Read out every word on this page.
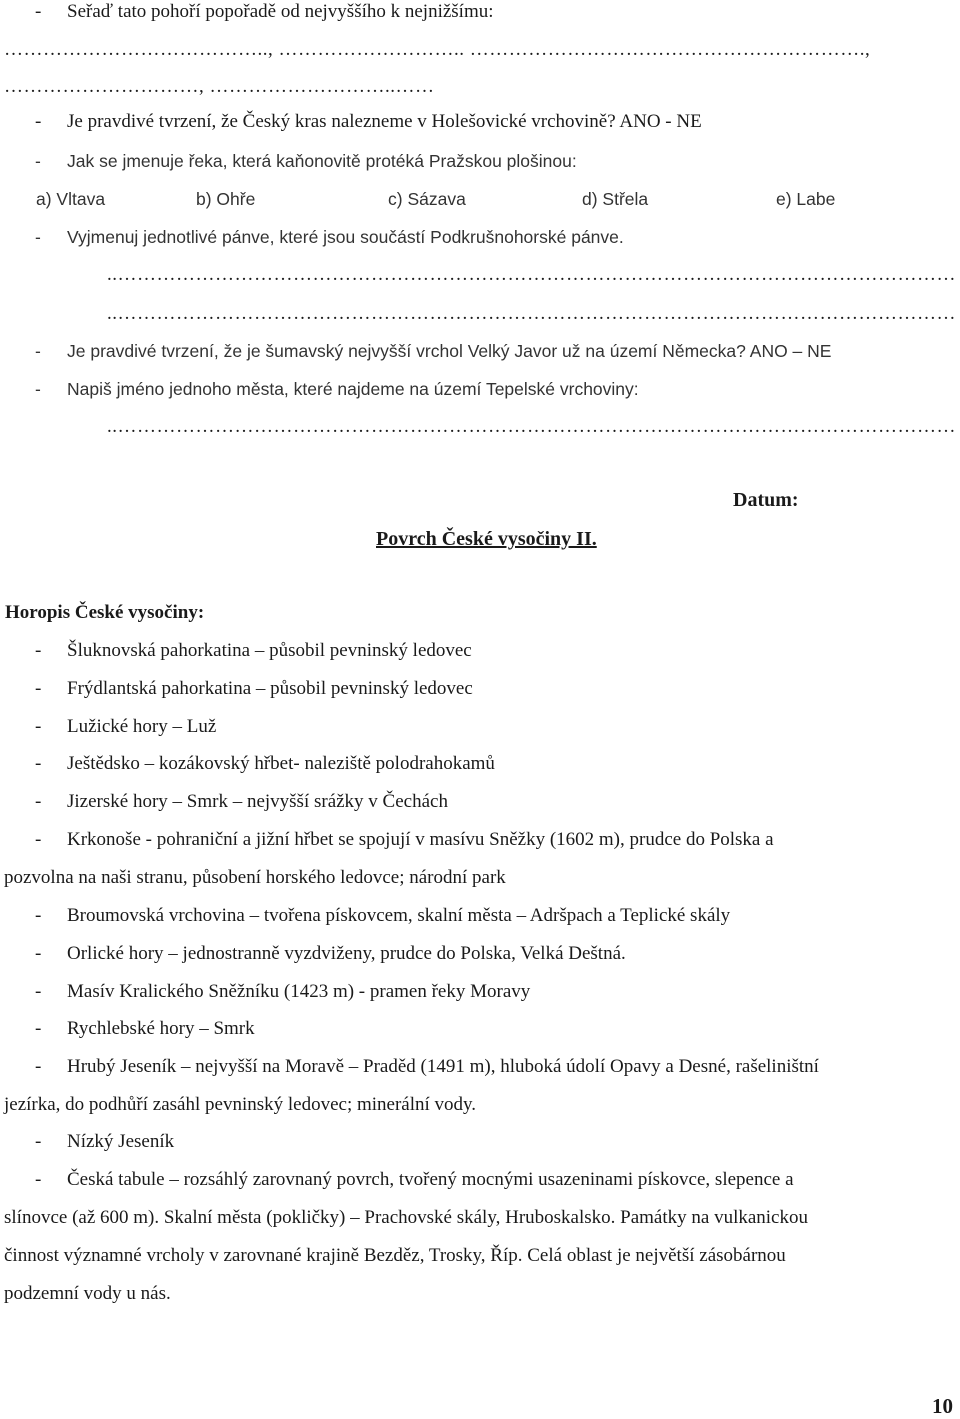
- Seřaď tato pohoří popořadě od nejvyššího k nejnižšímu:
………………………………….., ……………………….. …………………………………………………….,
…………………………, ………………………..……
- Je pravdivé tvrzení, že Český kras nalezneme v Holešovické vrchovině? ANO - NE
- Jak se jmenuje řeka, která kaňonovitě protéká Pražskou plošinou:
a) Vltava	b) Ohře	c) Sázava	d) Střela	e) Labe
- Vyjmenuj jednotlivé pánve, které jsou součástí Podkrušnohorské pánve.
…………………………………………………………………………………………………………………..
…………………………………………………………………………………………………………………..
- Je pravdivé tvrzení, že je šumavský nejvyšší vrchol Velký Javor už na území Německa? ANO – NE
- Napiš jméno jednoho města, které najdeme na území Tepelské vrchoviny:
…………………………………………………………………………………………………………………..
Datum:
Povrch České vysočiny II.
Horopis České vysočiny:
- Šluknovská pahorkatina – působil pevninský ledovec
- Frýdlantská pahorkatina – působil pevninský ledovec
- Lužické hory – Luž
- Ještědsko – kozákovský hřbet- naleziště polodrahokamů
- Jizerské hory – Smrk – nejvyšší srážky v Čechách
- Krkonoše - pohraniční a jižní hřbet se spojují v masívu Sněžky (1602 m), prudce do Polska a
pozvolna na naši stranu, působení horského ledovce; národní park
- Broumovská vrchovina – tvořena pískovcem, skalní města – Adršpach a Teplické skály
- Orlické hory – jednostranně vyzdviženy, prudce do Polska, Velká Deštná.
- Masív Kralického Sněžníku (1423 m) - pramen řeky Moravy
- Rychlebské hory – Smrk
- Hrubý Jeseník – nejvyšší na Moravě – Praděd (1491 m), hluboká údolí Opavy a Desné, rašeliništní
jezírka, do podhůří zasáhl pevninský ledovec; minerální vody.
- Nízký Jeseník
- Česká tabule – rozsáhlý zarovnaný povrch, tvořený mocnými usazeninami pískovce, slepence a
slínovce (až 600 m). Skalní města (pokličky) – Prachovské skály, Hruboskalsko. Památky na vulkanickou
činnost významné vrcholy v zarovnané krajině Bezděz, Trosky, Říp. Celá oblast je největší zásobárnou
podzemní vody u nás.
10
